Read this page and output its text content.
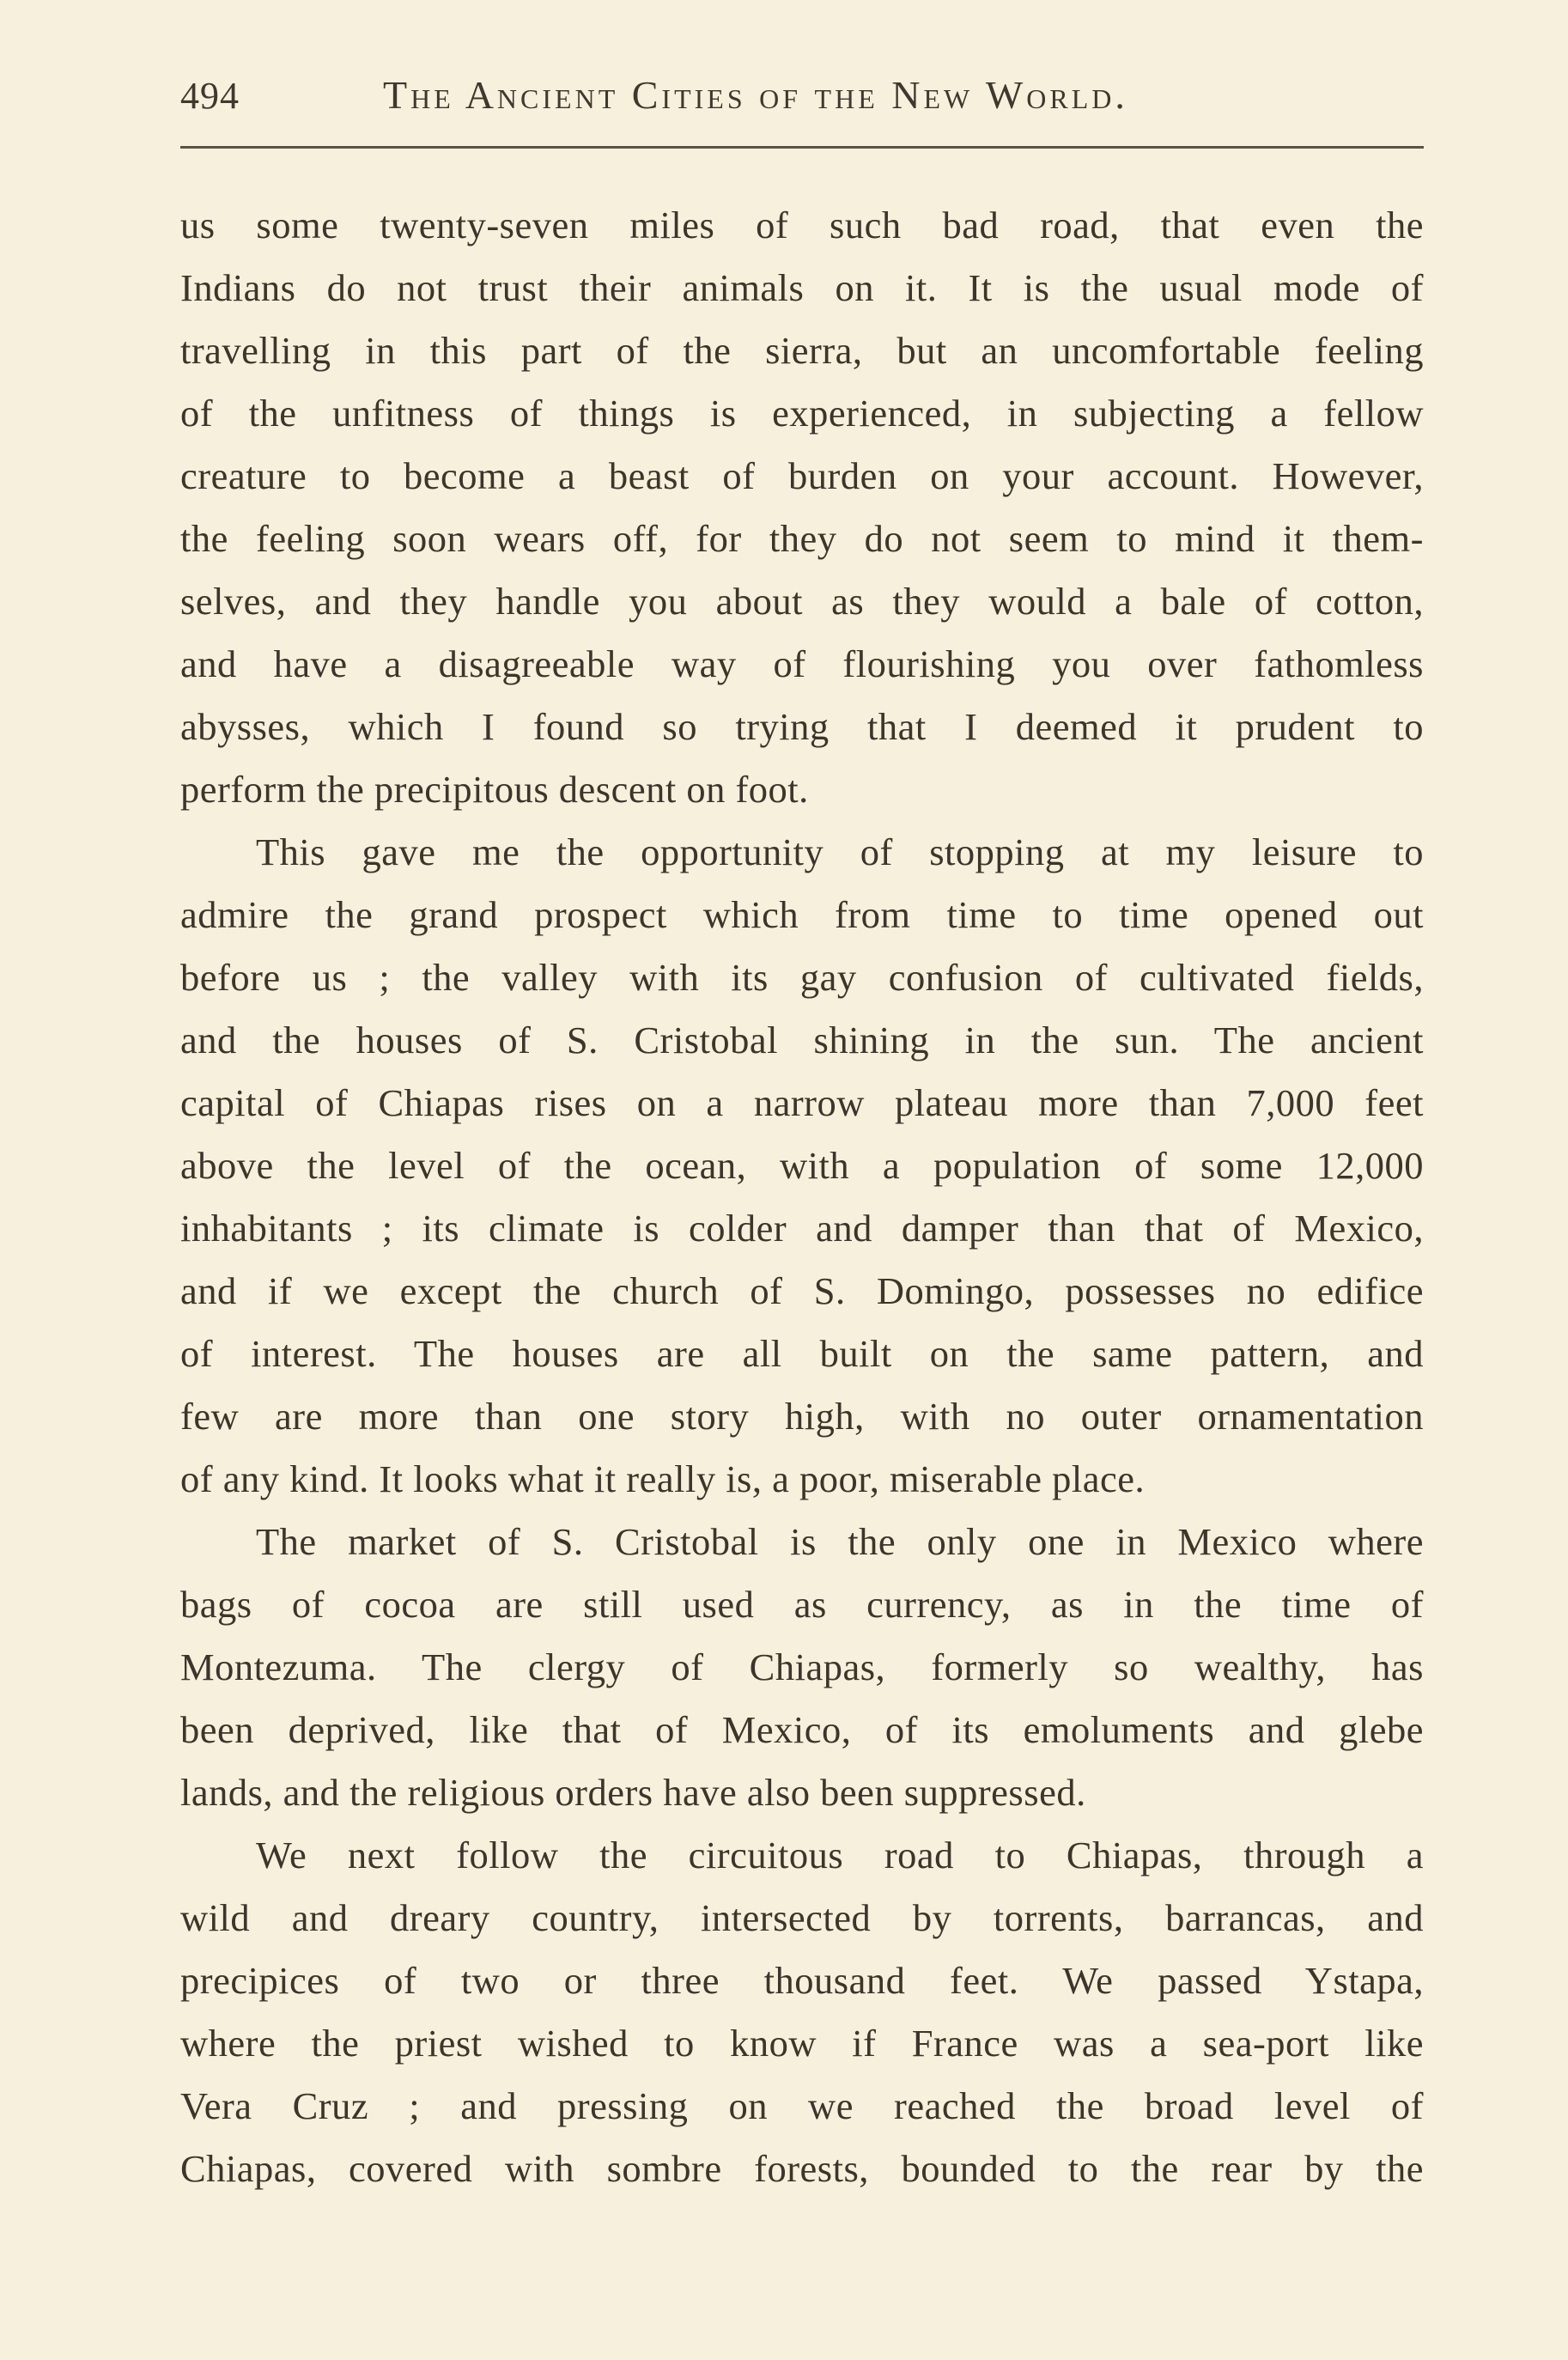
494	The Ancient Cities of the New World.
us some twenty-seven miles of such bad road, that even the
Indians do not trust their animals on it. It is the usual mode of
travelling in this part of the sierra, but an uncomfortable feeling
of the unfitness of things is experienced, in subjecting a fellow
creature to become a beast of burden on your account. However,
the feeling soon wears off, for they do not seem to mind it them-
selves, and they handle you about as they would a bale of cotton,
and have a disagreeable way of flourishing you over fathomless
abysses, which I found so trying that I deemed it prudent to
perform the precipitous descent on foot.
This gave me the opportunity of stopping at my leisure to
admire the grand prospect which from time to time opened out
before us ; the valley with its gay confusion of cultivated fields,
and the houses of S. Cristobal shining in the sun. The ancient
capital of Chiapas rises on a narrow plateau more than 7,000 feet
above the level of the ocean, with a population of some 12,000
inhabitants ; its climate is colder and damper than that of Mexico,
and if we except the church of S. Domingo, possesses no edifice
of interest. The houses are all built on the same pattern, and
few are more than one story high, with no outer ornamentation
of any kind. It looks what it really is, a poor, miserable place.
The market of S. Cristobal is the only one in Mexico where
bags of cocoa are still used as currency, as in the time of
Montezuma. The clergy of Chiapas, formerly so wealthy, has
been deprived, like that of Mexico, of its emoluments and glebe
lands, and the religious orders have also been suppressed.
We next follow the circuitous road to Chiapas, through a
wild and dreary country, intersected by torrents, barrancas, and
precipices of two or three thousand feet. We passed Ystapa,
where the priest wished to know if France was a sea-port like
Vera Cruz ; and pressing on we reached the broad level of
Chiapas, covered with sombre forests, bounded to the rear by the
